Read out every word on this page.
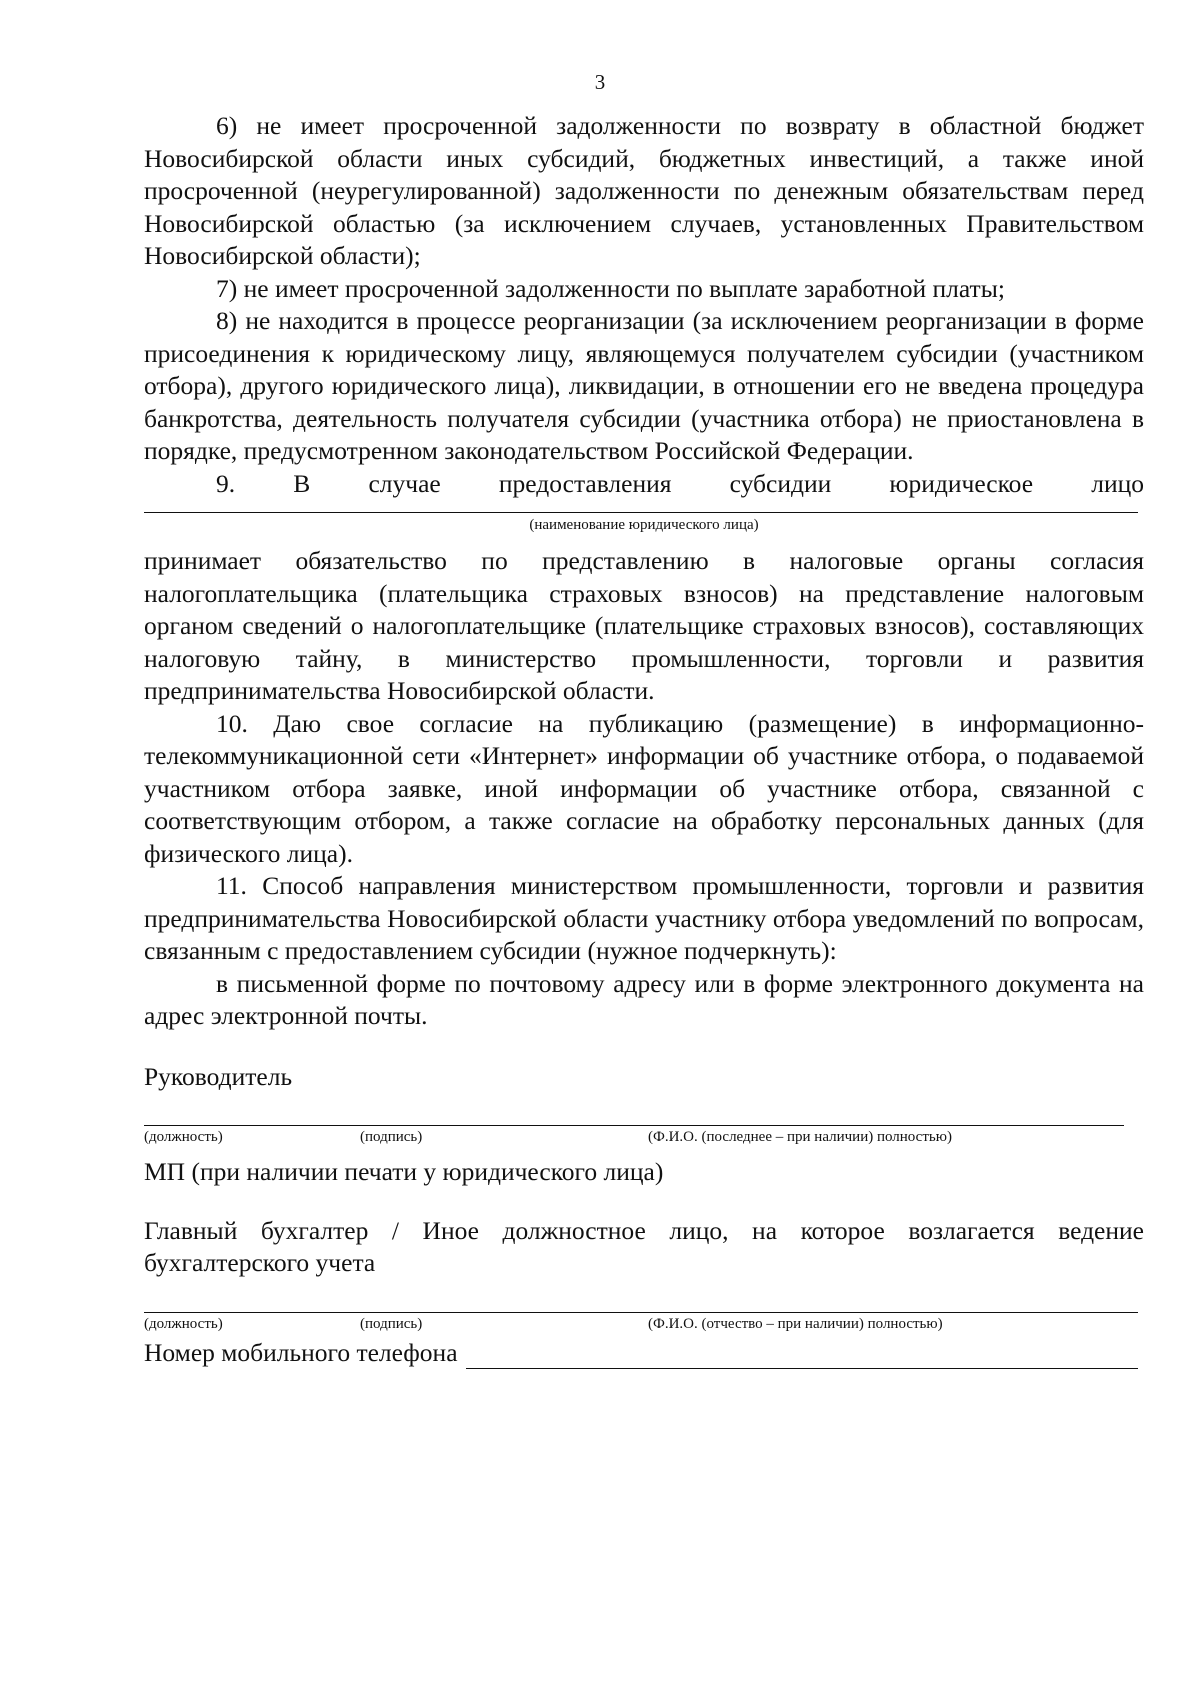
3

6) не имеет просроченной задолженности по возврату в областной бюджет Новосибирской области иных субсидий, бюджетных инвестиций, а также иной просроченной (неурегулированной) задолженности по денежным обязательствам перед Новосибирской областью (за исключением случаев, установленных Правительством Новосибирской области);

7) не имеет просроченной задолженности по выплате заработной платы;

8) не находится в процессе реорганизации (за исключением реорганизации в форме присоединения к юридическому лицу, являющемуся получателем субсидии (участником отбора), другого юридического лица), ликвидации, в отношении его не введена процедура банкротства, деятельность получателя субсидии (участника отбора) не приостановлена в порядке, предусмотренном законодательством Российской Федерации.

9. В случае предоставления субсидии юридическое лицо

(наименование юридического лица)

принимает обязательство по представлению в налоговые органы согласия налогоплательщика (плательщика страховых взносов) на представление налоговым органом сведений о налогоплательщике (плательщике страховых взносов), составляющих налоговую тайну, в министерство промышленности, торговли и развития предпринимательства Новосибирской области.

10. Даю свое согласие на публикацию (размещение) в информационно-телекоммуникационной сети «Интернет» информации об участнике отбора, о подаваемой участником отбора заявке, иной информации об участнике отбора, связанной с соответствующим отбором, а также согласие на обработку персональных данных (для физического лица).

11. Способ направления министерством промышленности, торговли и развития предпринимательства Новосибирской области участнику отбора уведомлений по вопросам, связанным с предоставлением субсидии (нужное подчеркнуть):

в письменной форме по почтовому адресу или в форме электронного документа на адрес электронной почты.

Руководитель

(должность)	(подпись)	(Ф.И.О. (последнее – при наличии) полностью)

МП (при наличии печати у юридического лица)

Главный бухгалтер / Иное должностное лицо, на которое возлагается ведение бухгалтерского учета

(должность)	(подпись)	(Ф.И.О. (отчество – при наличии) полностью)
Номер мобильного телефона
